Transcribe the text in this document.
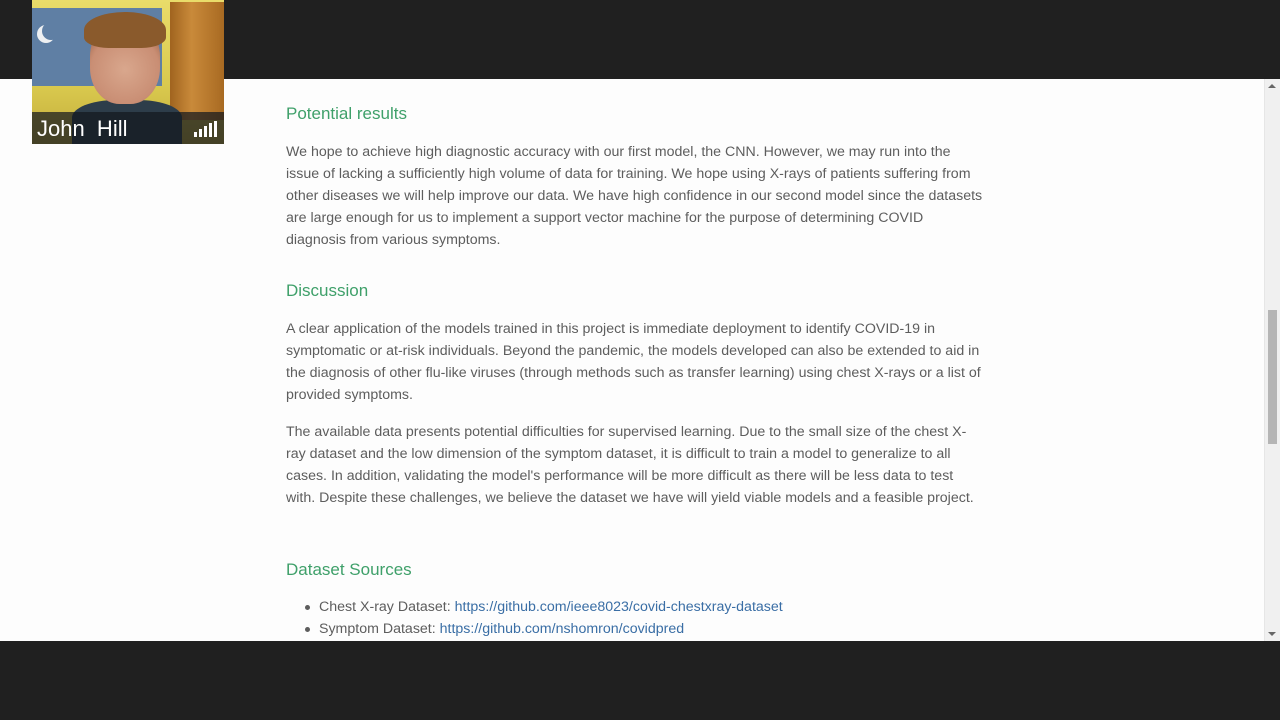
Potential results

We hope to achieve high diagnostic accuracy with our first model, the CNN. However, we may run into the issue of lacking a sufficiently high volume of data for training. We hope using X-rays of patients suffering from other diseases we will help improve our data. We have high confidence in our second model since the datasets are large enough for us to implement a support vector machine for the purpose of determining COVID diagnosis from various symptoms.

Discussion

A clear application of the models trained in this project is immediate deployment to identify COVID-19 in symptomatic or at-risk individuals. Beyond the pandemic, the models developed can also be extended to aid in the diagnosis of other flu-like viruses (through methods such as transfer learning) using chest X-rays or a list of provided symptoms.

The available data presents potential difficulties for supervised learning. Due to the small size of the chest X-ray dataset and the low dimension of the symptom dataset, it is difficult to train a model to generalize to all cases. In addition, validating the model's performance will be more difficult as there will be less data to test with. Despite these challenges, we believe the dataset we have will yield viable models and a feasible project.

Dataset Sources
Chest X-ray Dataset: https://github.com/ieee8023/covid-chestxray-dataset
Symptom Dataset: https://github.com/nshomron/covidpred
John  Hill
